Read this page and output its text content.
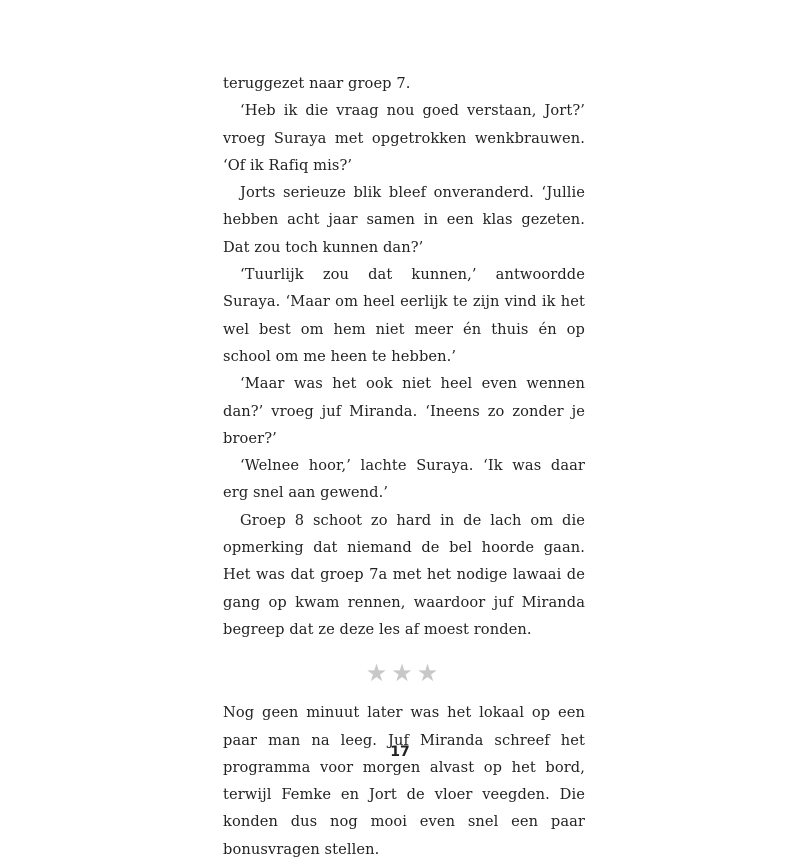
teruggezet naar groep 7.

‘Heb ik die vraag nou goed verstaan, Jort?’ vroeg Suraya met opgetrokken wenkbrauwen. ‘Of ik Rafiq mis?’

Jorts serieuze blik bleef onveranderd. ‘Jullie hebben acht jaar samen in een klas gezeten. Dat zou toch kunnen dan?’

‘Tuurlijk zou dat kunnen,’ antwoordde Suraya. ‘Maar om heel eerlijk te zijn vind ik het wel best om hem niet meer én thuis én op school om me heen te hebben.’

‘Maar was het ook niet heel even wennen dan?’ vroeg juf Miranda. ‘Ineens zo zonder je broer?’

‘Welnee hoor,’ lachte Suraya. ‘Ik was daar erg snel aan gewend.’

Groep 8 schoot zo hard in de lach om die opmerking dat niemand de bel hoorde gaan. Het was dat groep 7a met het nodige lawaai de gang op kwam rennen, waardoor juf Miranda begreep dat ze deze les af moest ronden.

★★★

Nog geen minuut later was het lokaal op een paar man na leeg. Juf Miranda schreef het programma voor morgen alvast op het bord, terwijl Femke en Jort de vloer veegden. Die konden dus nog mooi even snel een paar bonusvragen stellen.

17
